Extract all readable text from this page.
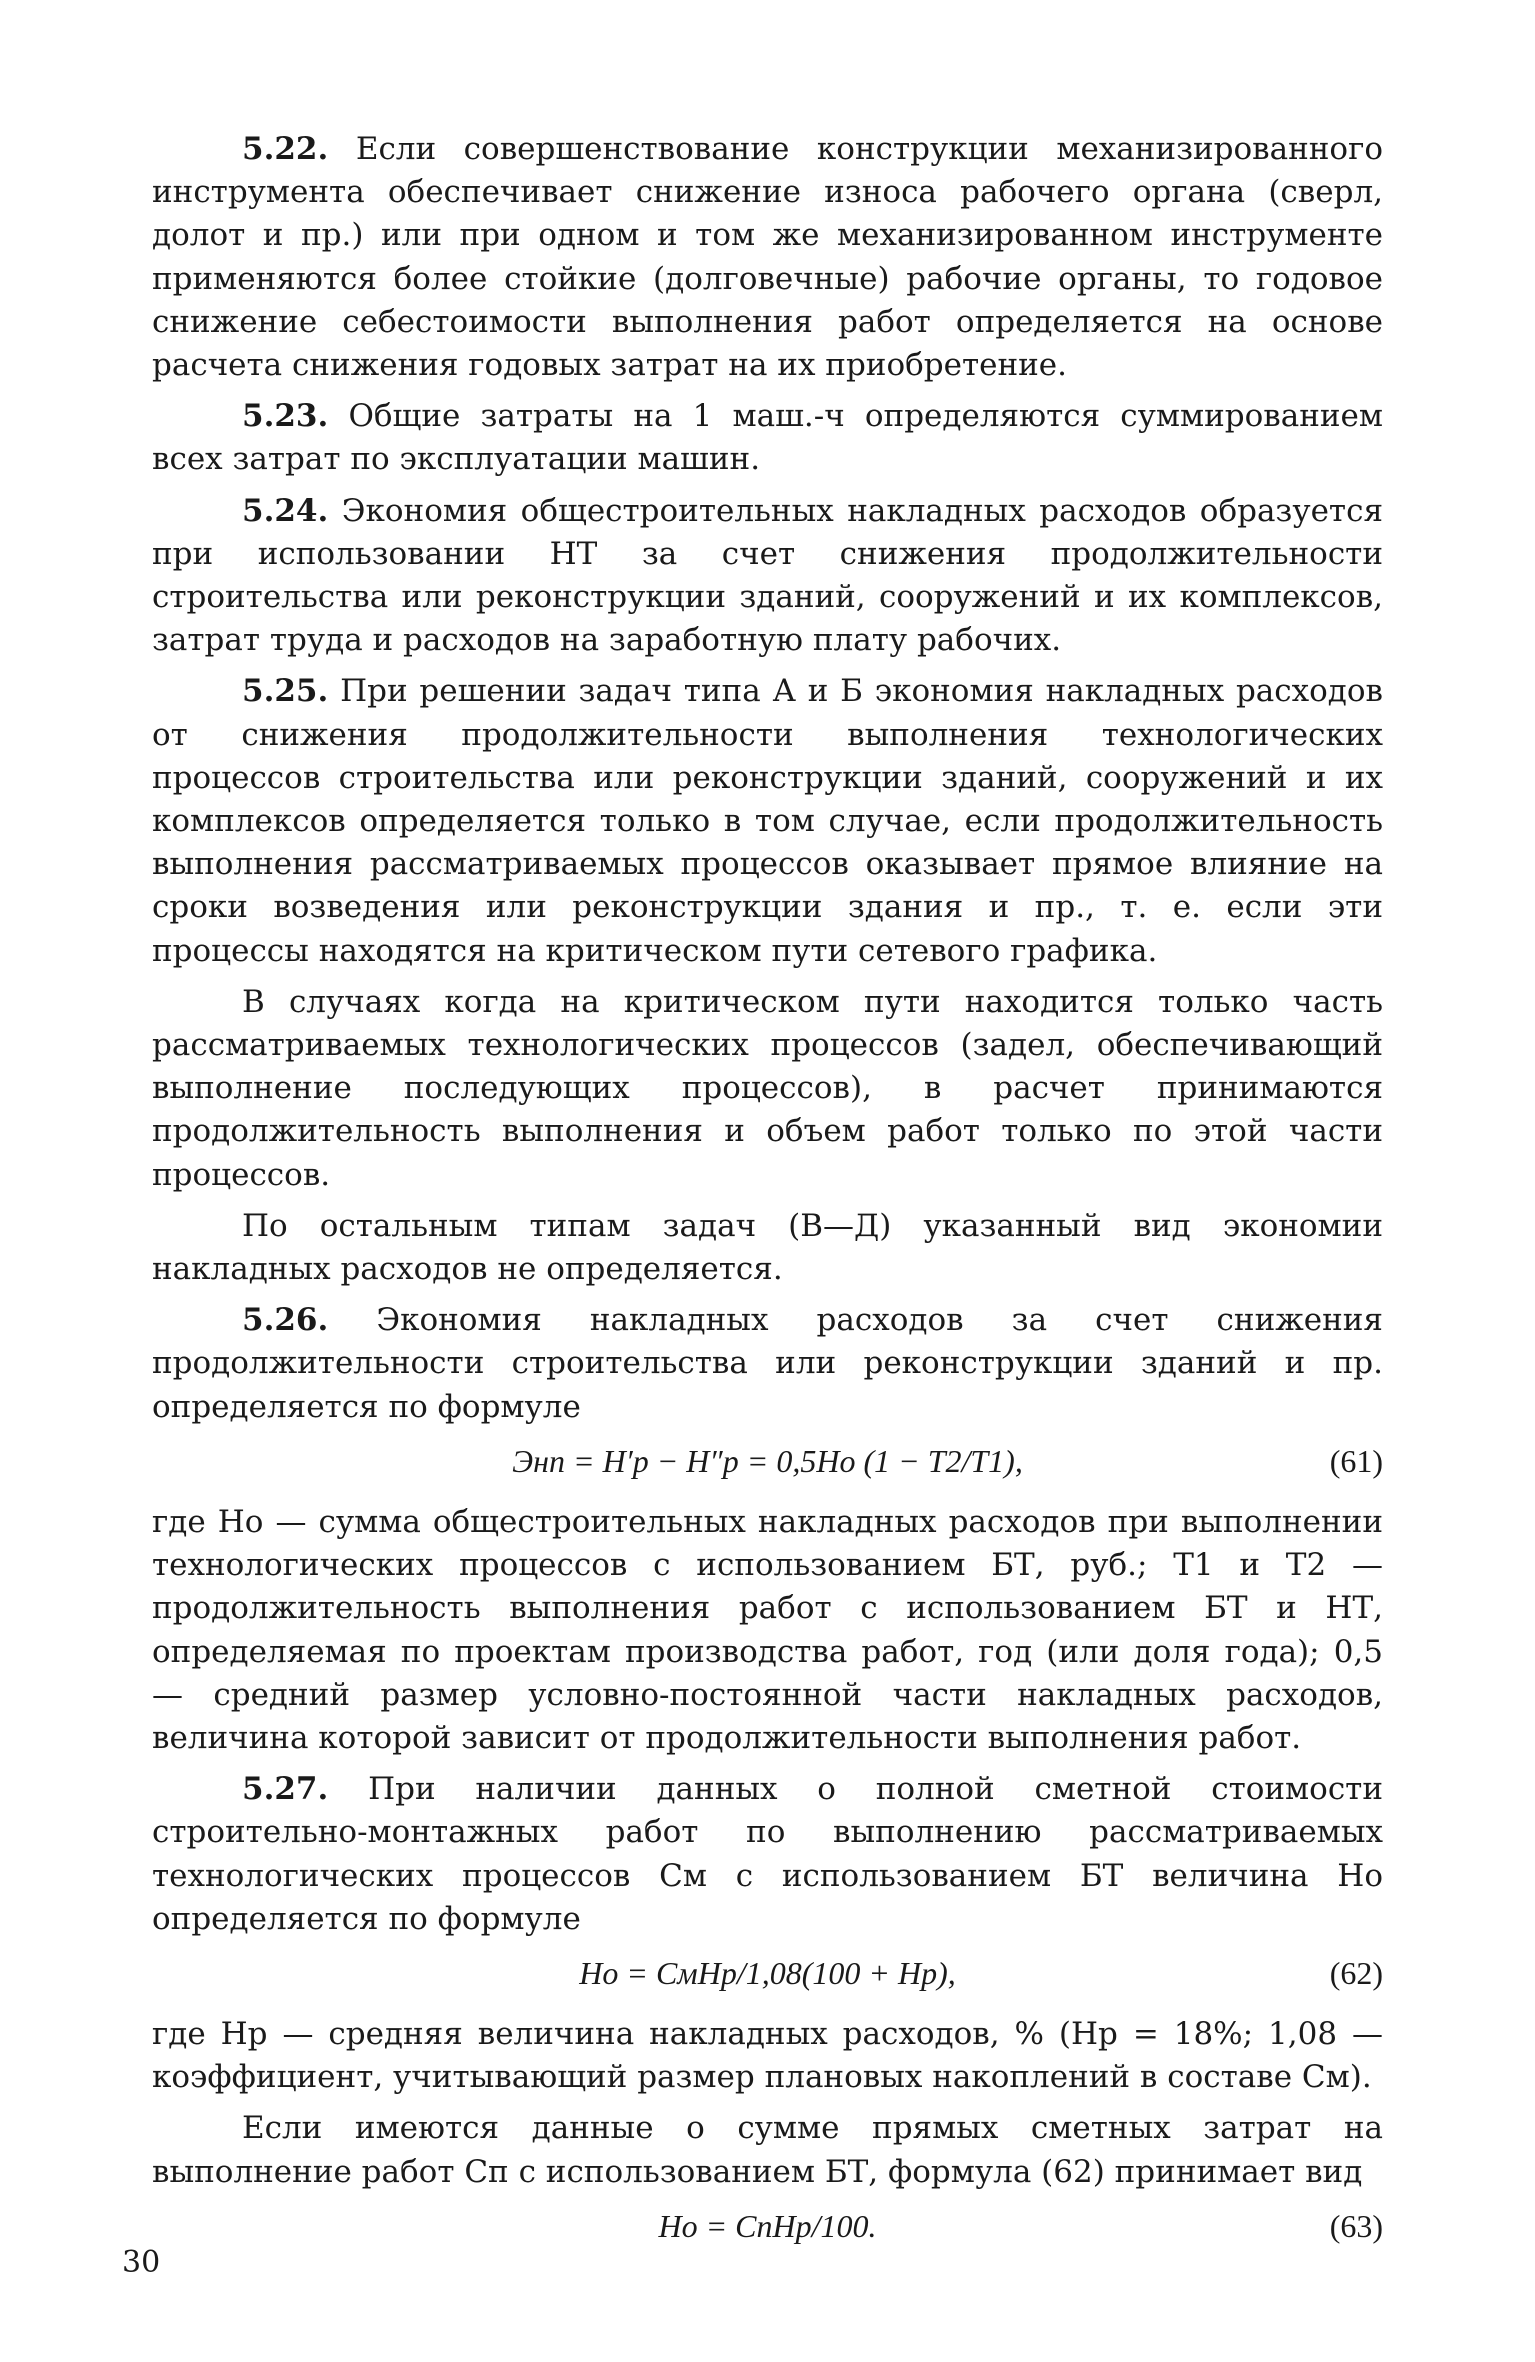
5.22. Если совершенствование конструкции механизированного инструмента обеспечивает снижение износа рабочего органа (сверл, долот и пр.) или при одном и том же механизированном инструменте применяются более стойкие (долговечные) рабочие органы, то годовое снижение себестоимости выполнения работ определяется на основе расчета снижения годовых затрат на их приобретение.

5.23. Общие затраты на 1 маш.-ч определяются суммированием всех затрат по эксплуатации машин.

5.24. Экономия общестроительных накладных расходов образуется при использовании НТ за счет снижения продолжительности строительства или реконструкции зданий, сооружений и их комплексов, затрат труда и расходов на заработную плату рабочих.

5.25. При решении задач типа А и Б экономия накладных расходов от снижения продолжительности выполнения технологических процессов строительства или реконструкции зданий, сооружений и их комплексов определяется только в том случае, если продолжительность выполнения рассматриваемых процессов оказывает прямое влияние на сроки возведения или реконструкции здания и пр., т. е. если эти процессы находятся на критическом пути сетевого графика.

В случаях когда на критическом пути находится только часть рассматриваемых технологических процессов (задел, обеспечивающий выполнение последующих процессов), в расчет принимаются продолжительность выполнения и объем работ только по этой части процессов.

По остальным типам задач (В—Д) указанный вид экономии накладных расходов не определяется.

5.26. Экономия накладных расходов за счет снижения продолжительности строительства или реконструкции зданий и пр. определяется по формуле

Энп = H′р − H″р = 0,5Hо (1 − T2/T1),	(61)

где Hо — сумма общестроительных накладных расходов при выполнении технологических процессов с использованием БТ, руб.; T1 и T2 — продолжительность выполнения работ с использованием БТ и НТ, определяемая по проектам производства работ, год (или доля года); 0,5 — средний размер условно-постоянной части накладных расходов, величина которой зависит от продолжительности выполнения работ.

5.27. При наличии данных о полной сметной стоимости строительно-монтажных работ по выполнению рассматриваемых технологических процессов Cм с использованием БТ величина Hо определяется по формуле

Hо = CмHр/1,08(100 + Hр),	(62)

где Hр — средняя величина накладных расходов, % (Hр = 18%; 1,08 — коэффициент, учитывающий размер плановых накоплений в составе Cм).

Если имеются данные о сумме прямых сметных затрат на выполнение работ Cп с использованием БТ, формула (62) принимает вид

Hо = CпHр/100.	(63)
30
